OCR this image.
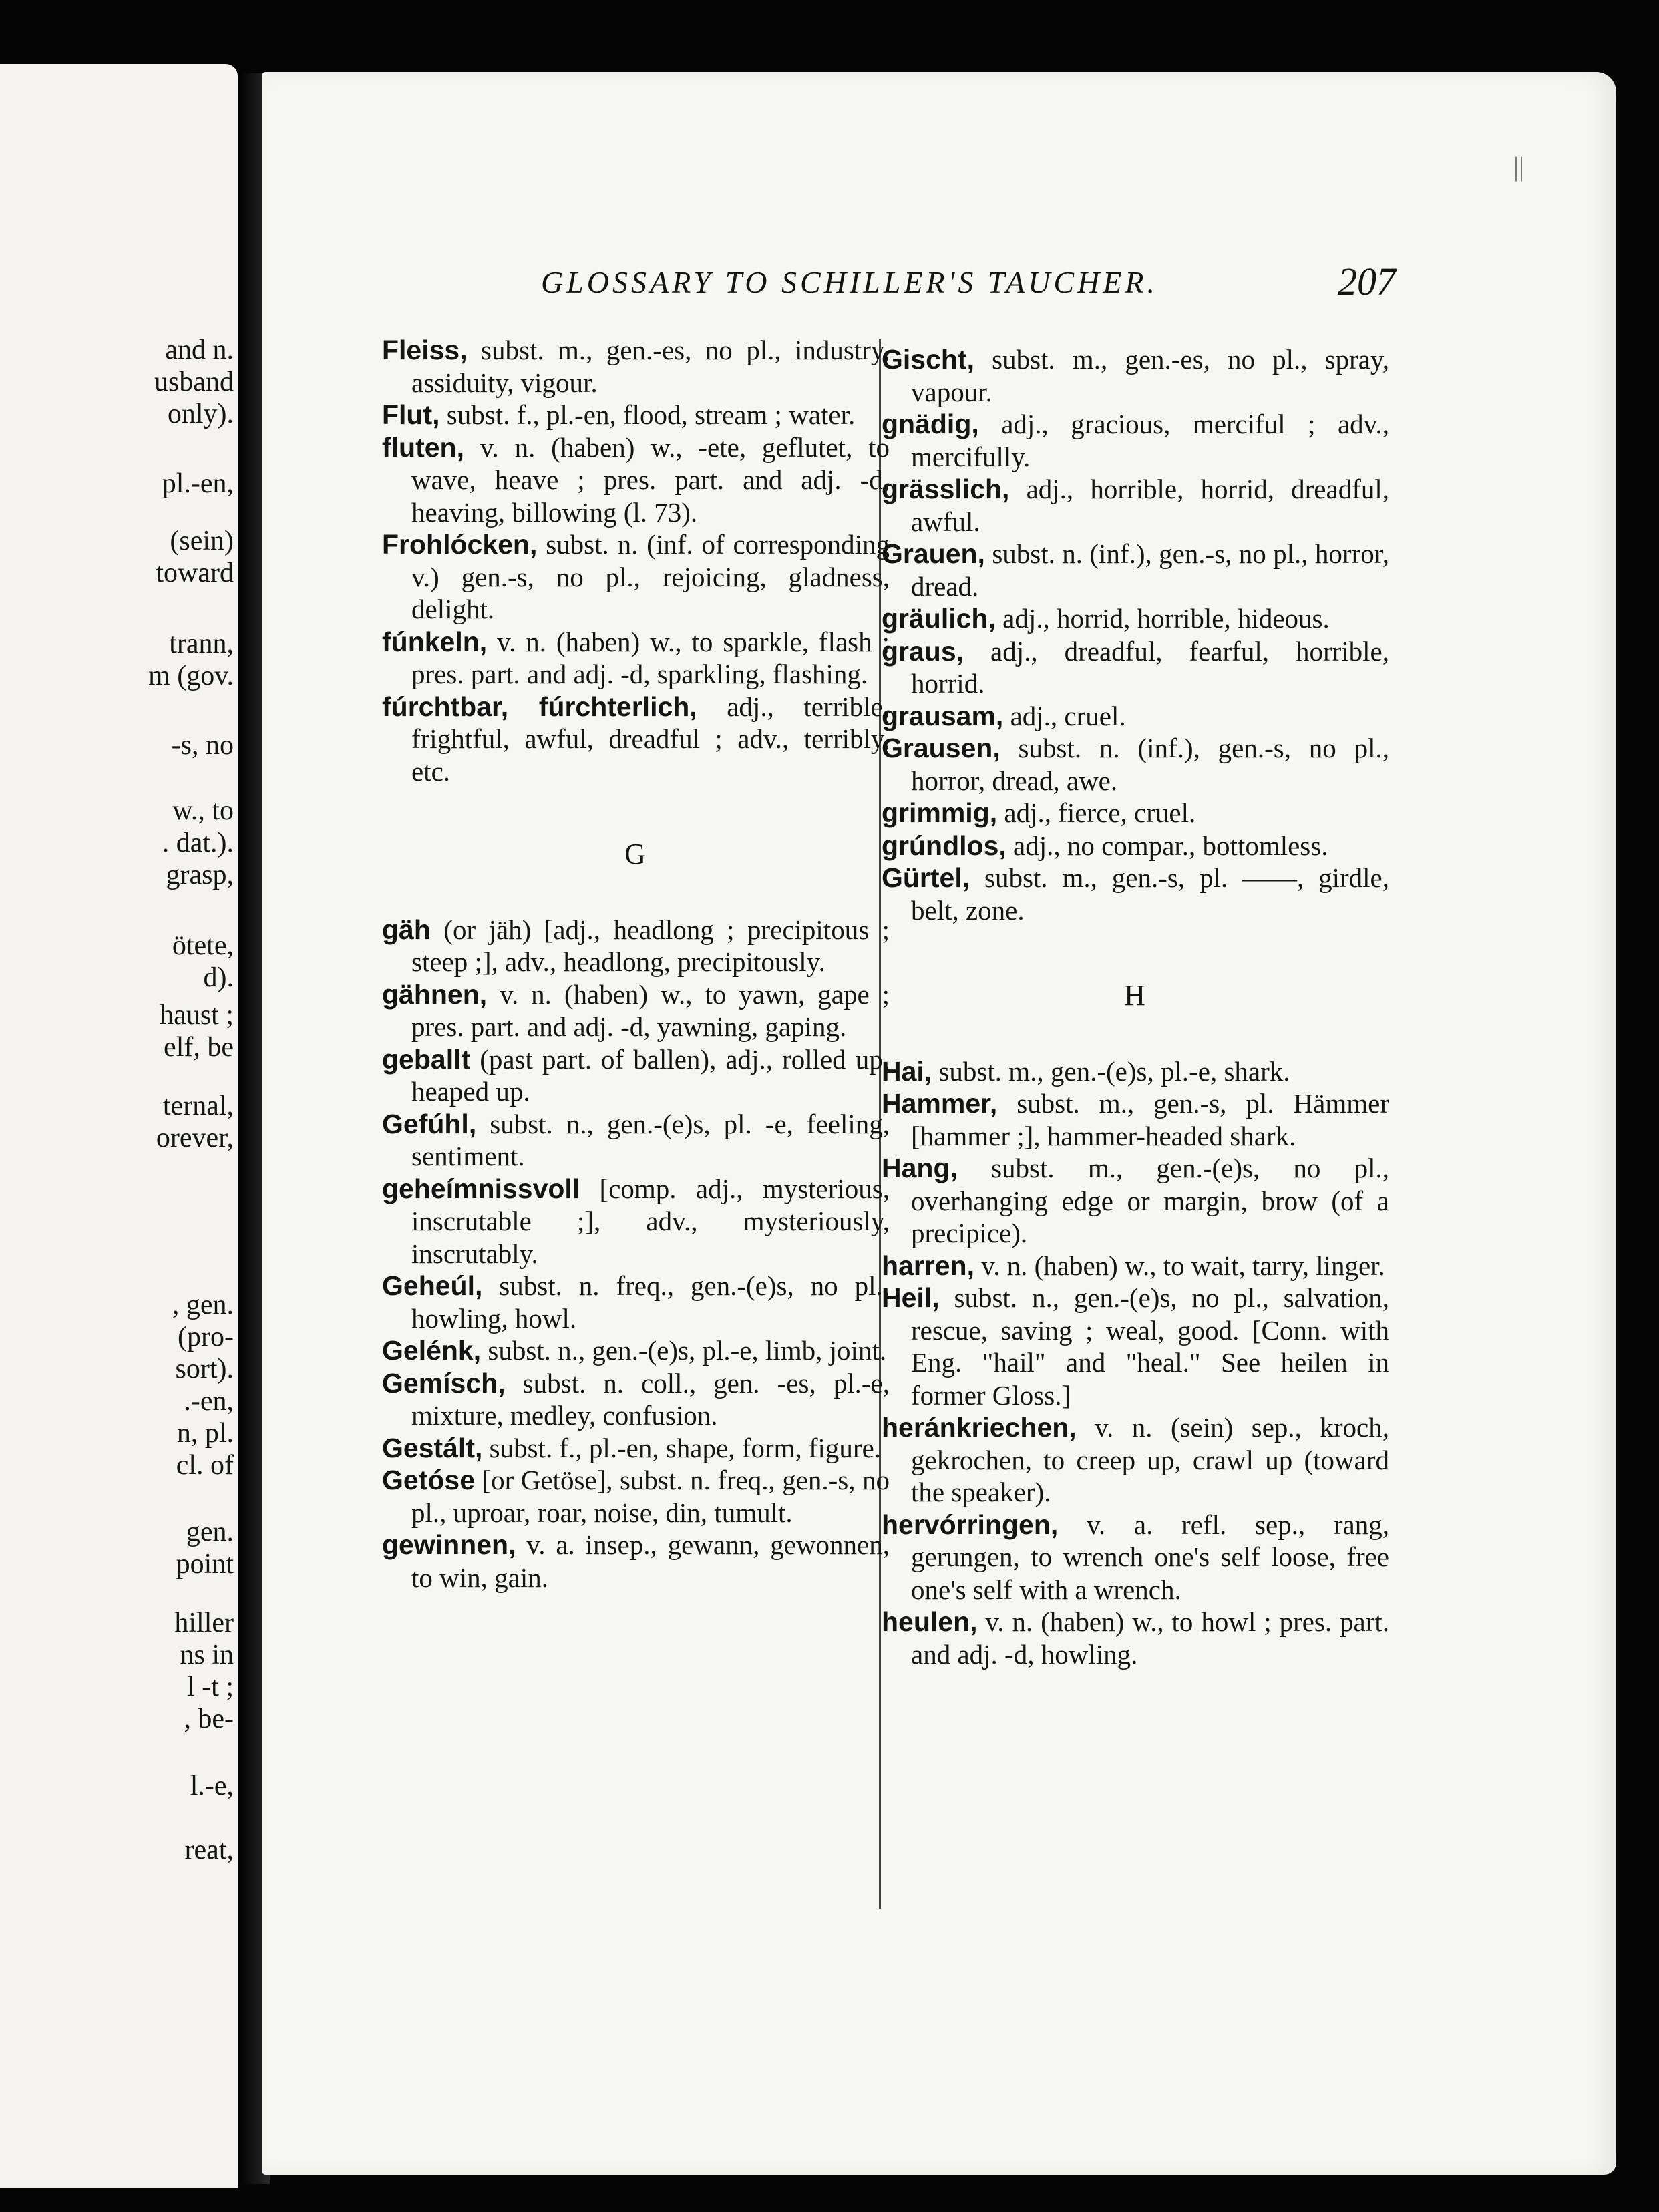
and n.
usband
only).
pl.-en,
(sein)
toward
trann,
m (gov.
-s, no
w., to
. dat.).
grasp,
ötete,
d).
haust ;
elf, be
ternal,
orever,
, gen.
(pro-
sort).
.-en,
n, pl.
cl. of
gen.
point
hiller
ns in
l -t ;
, be-
l.-e,
reat,
||
GLOSSARY TO SCHILLER'S TAUCHER.	207

Fleiss, subst. m., gen.-es, no pl., industry, assiduity, vigour.

Flut, subst. f., pl.-en, flood, stream ; water.

fluten, v. n. (haben) w., -ete, geflutet, to wave, heave ; pres. part. and adj. -d, heaving, billowing (l. 73).

Frohlócken, subst. n. (inf. of corresponding v.) gen.-s, no pl., rejoicing, gladness, delight.

fúnkeln, v. n. (haben) w., to sparkle, flash ; pres. part. and adj. -d, sparkling, flashing.

fúrchtbar, fúrchterlich, adj., terrible, frightful, awful, dreadful ; adv., terribly, etc.

G

gäh (or jäh) [adj., headlong ; precipitous ; steep ;], adv., headlong, precipitously.

gähnen, v. n. (haben) w., to yawn, gape ; pres. part. and adj. -d, yawning, gaping.

geballt (past part. of ballen), adj., rolled up, heaped up.

Gefúhl, subst. n., gen.-(e)s, pl. -e, feeling, sentiment.

geheímnissvoll [comp. adj., mysterious, inscrutable ;], adv., mysteriously, inscrutably.

Geheúl, subst. n. freq., gen.-(e)s, no pl., howling, howl.

Gelénk, subst. n., gen.-(e)s, pl.-e, limb, joint.

Gemísch, subst. n. coll., gen. -es, pl.-e, mixture, medley, confusion.

Gestált, subst. f., pl.-en, shape, form, figure.

Getóse [or Getöse], subst. n. freq., gen.-s, no pl., uproar, roar, noise, din, tumult.

gewinnen, v. a. insep., gewann, gewonnen, to win, gain.

Gischt, subst. m., gen.-es, no pl., spray, vapour.

gnädig, adj., gracious, merciful ; adv., mercifully.

grässlich, adj., horrible, horrid, dreadful, awful.

Grauen, subst. n. (inf.), gen.-s, no pl., horror, dread.

gräulich, adj., horrid, horrible, hideous.

graus, adj., dreadful, fearful, horrible, horrid.

grausam, adj., cruel.

Grausen, subst. n. (inf.), gen.-s, no pl., horror, dread, awe.

grimmig, adj., fierce, cruel.

grúndlos, adj., no compar., bottomless.

Gürtel, subst. m., gen.-s, pl. ——, girdle, belt, zone.

H

Hai, subst. m., gen.-(e)s, pl.-e, shark.

Hammer, subst. m., gen.-s, pl. Hämmer [hammer ;], hammer-headed shark.

Hang, subst. m., gen.-(e)s, no pl., overhanging edge or margin, brow (of a precipice).

harren, v. n. (haben) w., to wait, tarry, linger.

Heil, subst. n., gen.-(e)s, no pl., salvation, rescue, saving ; weal, good. [Conn. with Eng. "hail" and "heal." See heilen in former Gloss.]

heránkriechen, v. n. (sein) sep., kroch, gekrochen, to creep up, crawl up (toward the speaker).

hervórringen, v. a. refl. sep., rang, gerungen, to wrench one's self loose, free one's self with a wrench.

heulen, v. n. (haben) w., to howl ; pres. part. and adj. -d, howling.
